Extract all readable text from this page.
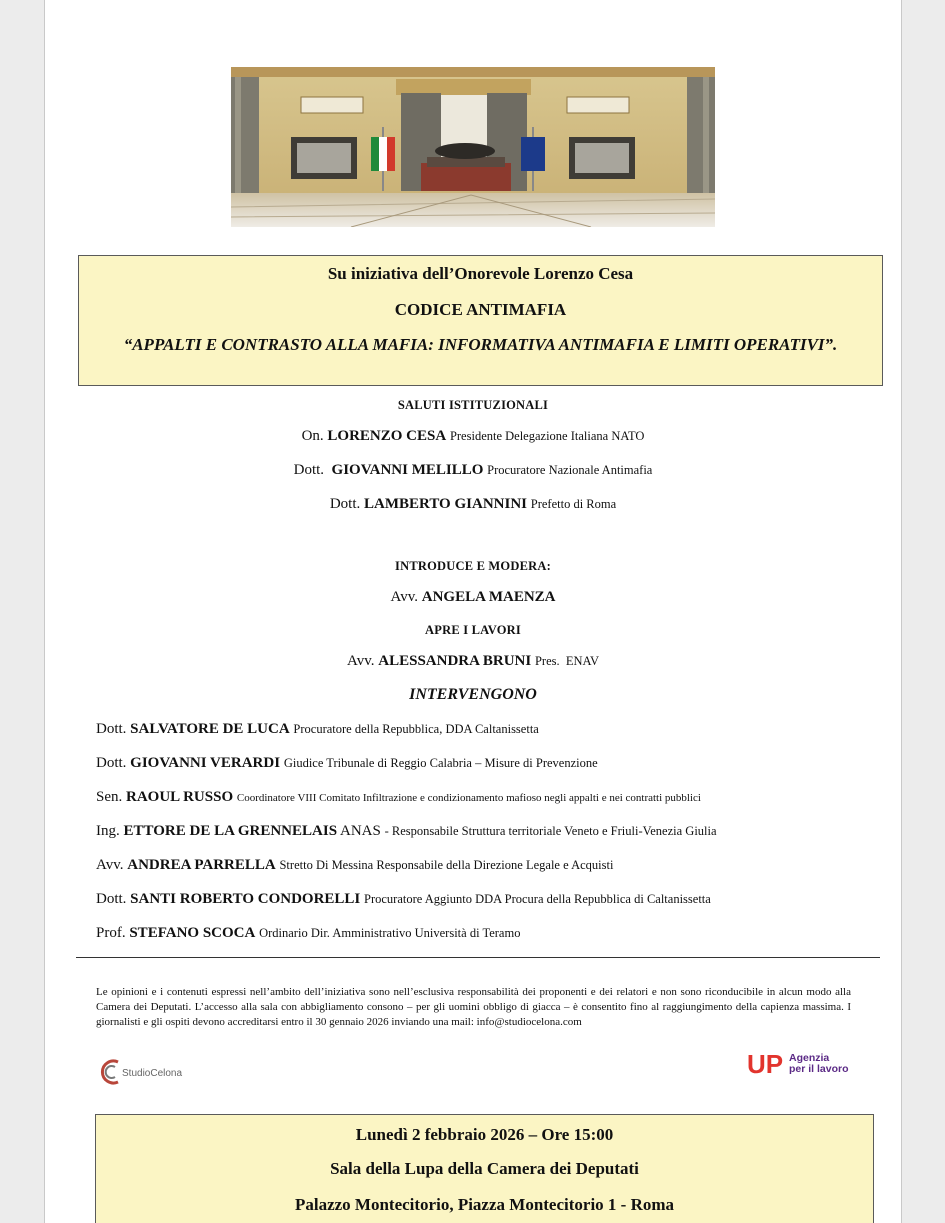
Su iniziativa dell’Onorevole Lorenzo Cesa
CODICE ANTIMAFIA
“APPALTI E CONTRASTO ALLA MAFIA: INFORMATIVA ANTIMAFIA E LIMITI OPERATIVI”.
SALUTI ISTITUZIONALI
On. LORENZO CESA Presidente Delegazione Italiana NATO
Dott. GIOVANNI MELILLO Procuratore Nazionale Antimafia
Dott. LAMBERTO GIANNINI Prefetto di Roma
INTRODUCE E MODERA:
Avv. ANGELA MAENZA
APRE I LAVORI
Avv. ALESSANDRA BRUNI Pres.  ENAV
INTERVENGONO
Dott. SALVATORE DE LUCA Procuratore della Repubblica, DDA Caltanissetta
Dott. GIOVANNI VERARDI Giudice Tribunale di Reggio Calabria – Misure di Prevenzione
Sen. RAOUL RUSSO Coordinatore VIII Comitato Infiltrazione e condizionamento mafioso negli appalti e nei contratti pubblici
Ing. ETTORE DE LA GRENNELAIS ANAS - Responsabile Struttura territoriale Veneto e Friuli-Venezia Giulia
Avv. ANDREA PARRELLA Stretto Di Messina Responsabile della Direzione Legale e Acquisti
Dott. SANTI ROBERTO CONDORELLI Procuratore Aggiunto DDA Procura della Repubblica di Caltanissetta
Prof. STEFANO SCOCA Ordinario Dir. Amministrativo Università di Teramo
Le opinioni e i contenuti espressi nell’ambito dell’iniziativa sono nell’esclusiva responsabilità dei proponenti e dei relatori e non sono riconducibile in alcun modo alla Camera dei Deputati. L’accesso alla sala con abbigliamento consono – per gli uomini obbligo di giacca – è consentito fino al raggiungimento della capienza massima. I giornalisti e gli ospiti devono accreditarsi entro il 30 gennaio 2026 inviando una mail: info@studiocelona.com
StudioCelona	UP Agenzia
per il lavoro
Lunedì 2 febbraio 2026 – Ore 15:00
Sala della Lupa della Camera dei Deputati
Palazzo Montecitorio, Piazza Montecitorio 1 - Roma
